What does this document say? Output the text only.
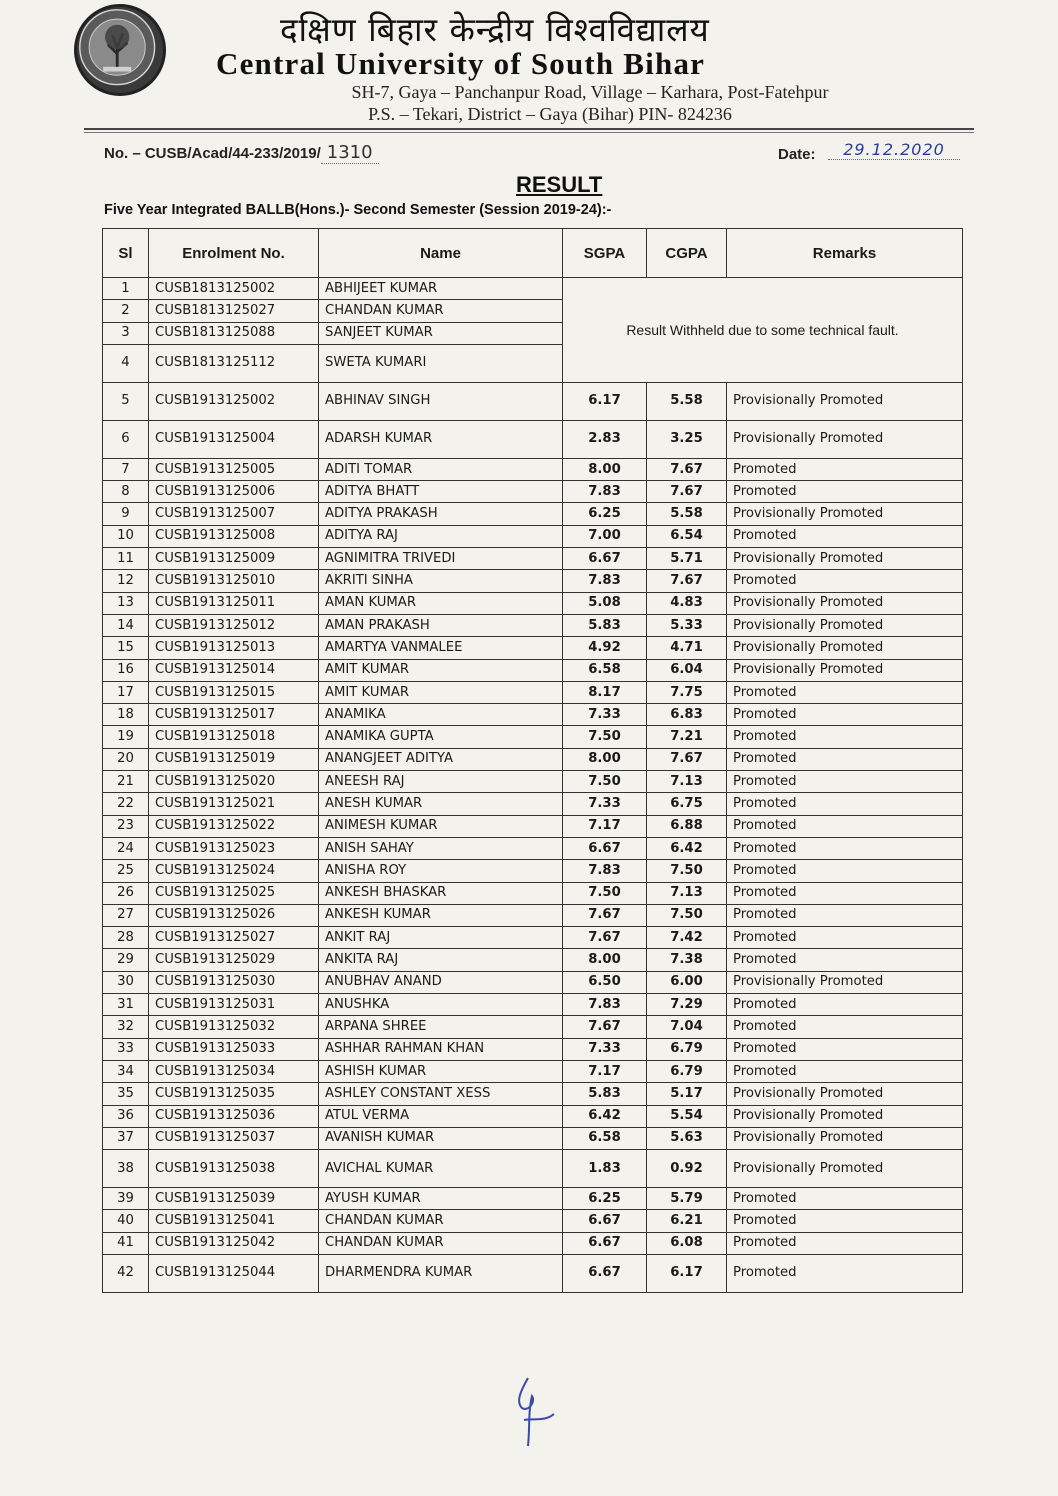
दक्षिण बिहार केन्द्रीय विश्वविद्यालय
Central University of South Bihar
SH-7, Gaya – Panchanpur Road, Village – Karhara, Post-Fatehpur
P.S. – Tekari, District – Gaya (Bihar) PIN- 824236
No. – CUSB/Acad/44-233/2019/ 1310	Date:	29.12.2020
RESULT
Five Year Integrated BALLB(Hons.)- Second Semester (Session 2019-24):-
Sl	Enrolment No.	Name	SGPA	CGPA	Remarks
1	CUSB1813125002	ABHIJEET KUMAR	Result Withheld due to some technical fault.		
2	CUSB1813125027	CHANDAN KUMAR			
3	CUSB1813125088	SANJEET KUMAR			
4	CUSB1813125112	SWETA KUMARI			
5	CUSB1913125002	ABHINAV SINGH	6.17	5.58	Provisionally Promoted
6	CUSB1913125004	ADARSH KUMAR	2.83	3.25	Provisionally Promoted
7	CUSB1913125005	ADITI TOMAR	8.00	7.67	Promoted
8	CUSB1913125006	ADITYA BHATT	7.83	7.67	Promoted
9	CUSB1913125007	ADITYA PRAKASH	6.25	5.58	Provisionally Promoted
10	CUSB1913125008	ADITYA RAJ	7.00	6.54	Promoted
11	CUSB1913125009	AGNIMITRA TRIVEDI	6.67	5.71	Provisionally Promoted
12	CUSB1913125010	AKRITI SINHA	7.83	7.67	Promoted
13	CUSB1913125011	AMAN KUMAR	5.08	4.83	Provisionally Promoted
14	CUSB1913125012	AMAN PRAKASH	5.83	5.33	Provisionally Promoted
15	CUSB1913125013	AMARTYA VANMALEE	4.92	4.71	Provisionally Promoted
16	CUSB1913125014	AMIT KUMAR	6.58	6.04	Provisionally Promoted
17	CUSB1913125015	AMIT KUMAR	8.17	7.75	Promoted
18	CUSB1913125017	ANAMIKA	7.33	6.83	Promoted
19	CUSB1913125018	ANAMIKA GUPTA	7.50	7.21	Promoted
20	CUSB1913125019	ANANGJEET ADITYA	8.00	7.67	Promoted
21	CUSB1913125020	ANEESH RAJ	7.50	7.13	Promoted
22	CUSB1913125021	ANESH KUMAR	7.33	6.75	Promoted
23	CUSB1913125022	ANIMESH KUMAR	7.17	6.88	Promoted
24	CUSB1913125023	ANISH SAHAY	6.67	6.42	Promoted
25	CUSB1913125024	ANISHA ROY	7.83	7.50	Promoted
26	CUSB1913125025	ANKESH BHASKAR	7.50	7.13	Promoted
27	CUSB1913125026	ANKESH KUMAR	7.67	7.50	Promoted
28	CUSB1913125027	ANKIT RAJ	7.67	7.42	Promoted
29	CUSB1913125029	ANKITA RAJ	8.00	7.38	Promoted
30	CUSB1913125030	ANUBHAV ANAND	6.50	6.00	Provisionally Promoted
31	CUSB1913125031	ANUSHKA	7.83	7.29	Promoted
32	CUSB1913125032	ARPANA SHREE	7.67	7.04	Promoted
33	CUSB1913125033	ASHHAR RAHMAN KHAN	7.33	6.79	Promoted
34	CUSB1913125034	ASHISH KUMAR	7.17	6.79	Promoted
35	CUSB1913125035	ASHLEY CONSTANT XESS	5.83	5.17	Provisionally Promoted
36	CUSB1913125036	ATUL VERMA	6.42	5.54	Provisionally Promoted
37	CUSB1913125037	AVANISH KUMAR	6.58	5.63	Provisionally Promoted
38	CUSB1913125038	AVICHAL KUMAR	1.83	0.92	Provisionally Promoted
39	CUSB1913125039	AYUSH KUMAR	6.25	5.79	Promoted
40	CUSB1913125041	CHANDAN KUMAR	6.67	6.21	Promoted
41	CUSB1913125042	CHANDAN KUMAR	6.67	6.08	Promoted
42	CUSB1913125044	DHARMENDRA KUMAR	6.67	6.17	Promoted
